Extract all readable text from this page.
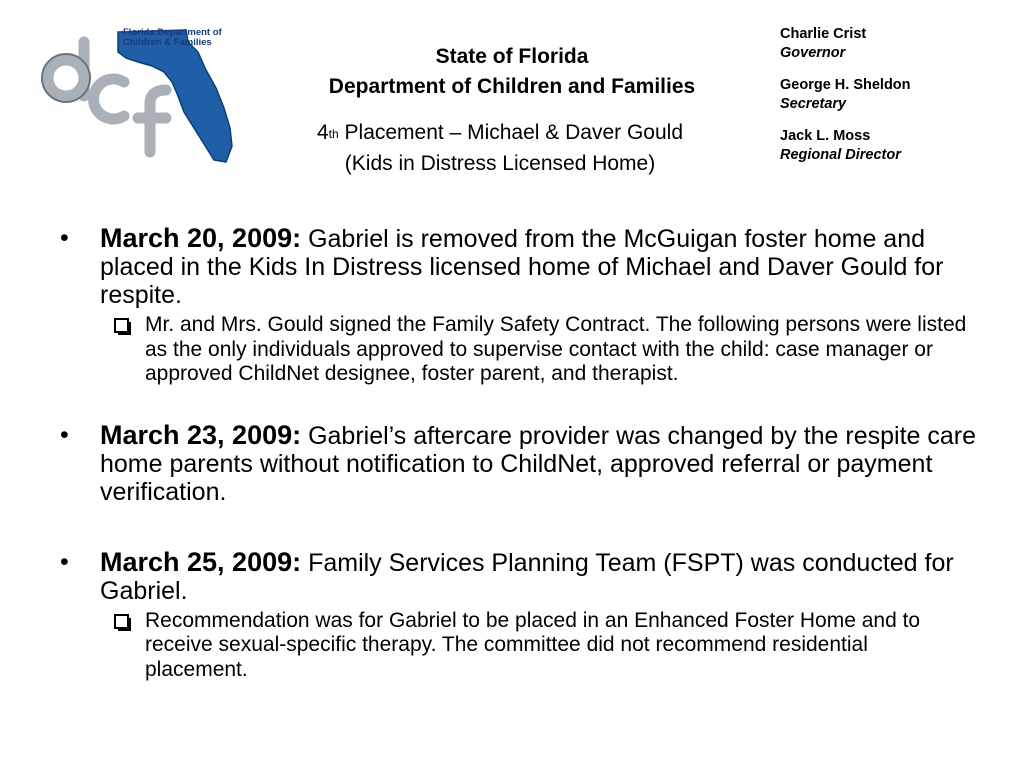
Florida Department of
Children & Families
State of Florida
Department of Children and Families
4th Placement – Michael & Daver Gould
(Kids in Distress Licensed Home)
Charlie Crist
Governor
George H. Sheldon
Secretary
Jack L. Moss
Regional Director
• March 20, 2009: Gabriel is removed from the McGuigan foster home and placed in the Kids In Distress licensed home of Michael and Daver Gould for respite.
Mr. and Mrs. Gould signed the Family Safety Contract. The following persons were listed as the only individuals approved to supervise contact with the child: case manager or approved ChildNet designee, foster parent, and therapist.
• March 23, 2009: Gabriel’s aftercare provider was changed by the respite care home parents without notification to ChildNet, approved referral or payment verification.
• March 25, 2009: Family Services Planning Team (FSPT) was conducted for Gabriel.
Recommendation was for Gabriel to be placed in an Enhanced Foster Home and to receive sexual-specific therapy. The committee did not recommend residential placement.
